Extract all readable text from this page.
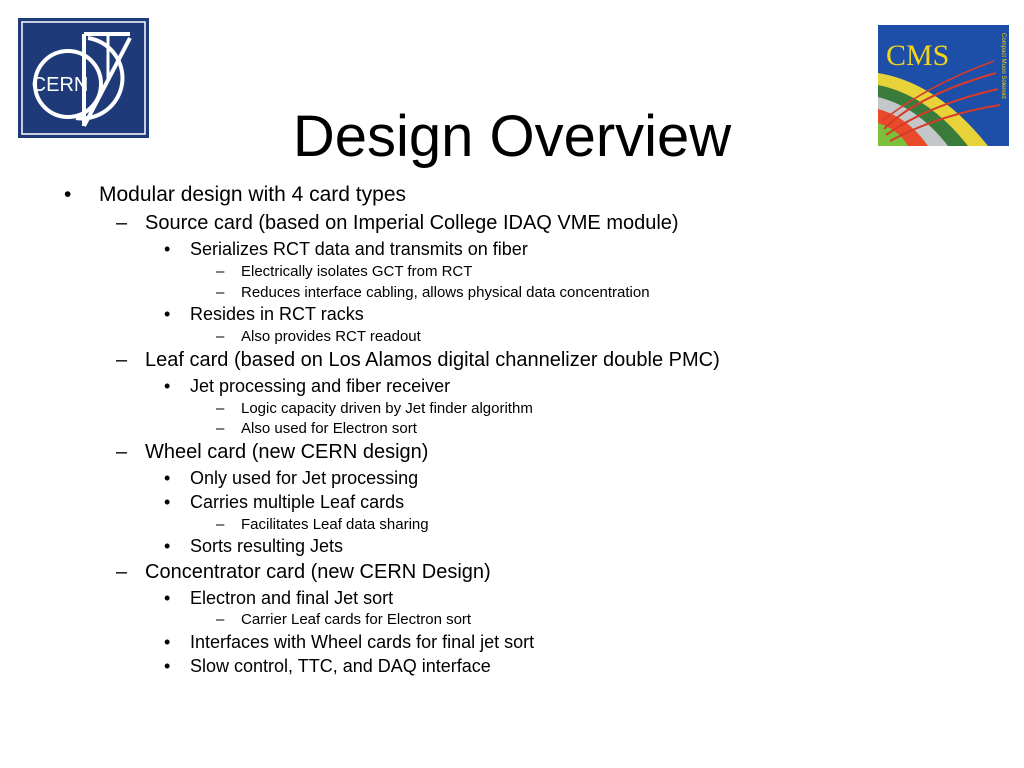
CERN
CMS	Compact Muon Solenoid
Design Overview
• Modular design with 4 card types
– Source card (based on Imperial College IDAQ VME module)
• Serializes RCT data and transmits on fiber
– Electrically isolates GCT from RCT
– Reduces interface cabling, allows physical data concentration
• Resides in RCT racks
– Also provides RCT readout
– Leaf card (based on Los Alamos digital channelizer double PMC)
• Jet processing and fiber receiver
– Logic capacity driven by Jet finder algorithm
– Also used for Electron sort
– Wheel card (new CERN design)
• Only used for Jet processing
• Carries multiple Leaf cards
– Facilitates Leaf data sharing
• Sorts resulting Jets
– Concentrator card (new CERN Design)
• Electron and final Jet sort
– Carrier Leaf cards for Electron sort
• Interfaces with Wheel cards for final jet sort
• Slow control, TTC, and DAQ interface
